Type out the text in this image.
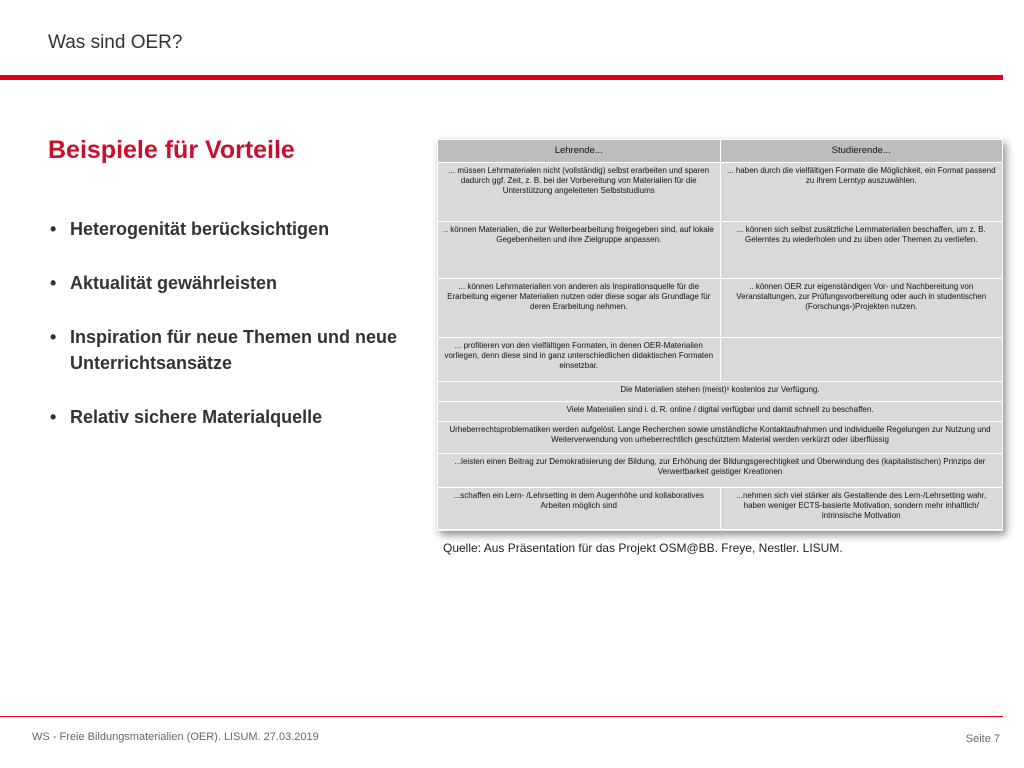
Was sind OER?
Beispiele für Vorteile
• Heterogenität berücksichtigen
• Aktualität gewährleisten
• Inspiration für neue Themen und neue Unterrichtsansätze
• Relativ sichere Materialquelle
Lehrende...	Studierende...
... müssen Lehrmaterialen nicht (vollständig) selbst erarbeiten und sparen dadurch ggf. Zeit, z. B. bei der Vorbereitung von Materialien für die Unterstützung angeleiteten Selbststudiums	... haben durch die vielfältigen Formate die Möglichkeit, ein Format passend zu ihrem Lerntyp auszuwählen.
.. können Materialien, die zur Weiterbearbeitung freigegeben sind, auf lokale Gegebenheiten und ihre Zielgruppe anpassen.	... können sich selbst zusätzliche Lernmaterialien beschaffen, um z. B. Gelerntes zu wiederholen und zu üben oder Themen zu vertiefen.
... können Lehrmaterialien von anderen als Inspirationsquelle für die Erarbeitung eigener Materialien nutzen oder diese sogar als Grundlage für deren Erarbeitung nehmen.	.. können OER zur eigenständigen Vor- und Nachbereitung von Veranstaltungen, zur Prüfungsvorbereitung oder auch in studentischen (Forschungs-)Projekten nutzen.
... profitieren von den vielfältigen Formaten, in denen OER-Materialien vorliegen, denn diese sind in ganz unterschiedlichen didaktischen Formaten einsetzbar.	
Die Materialien stehen (meist)¹ kostenlos zur Verfügung.	
Viele Materialien sind i. d. R. online / digital verfügbar und damit schnell zu beschaffen.	
Urheberrechtsproblematiken werden aufgelöst. Lange Recherchen sowie umständliche Kontaktaufnahmen und individuelle Regelungen zur Nutzung und Weiterverwendung von urheberrechtlich geschütztem Material werden verkürzt oder überflüssig	
...leisten einen Beitrag zur Demokratisierung der Bildung, zur Erhöhung der Bildungsgerechtigkeit und Überwindung des (kapitalistischen) Prinzips der Verwertbarkeit geistiger Kreationen	
...schaffen ein Lern- /Lehrsetting in dem Augenhöhe und kollaboratives Arbeiten möglich sind	...nehmen sich viel stärker als Gestaltende des Lern-/Lehrsetting wahr, haben weniger ECTS-basierte Motivation, sondern mehr inhaltlich/ intrinsische Motivation
Quelle: Aus Präsentation für das Projekt OSM@BB. Freye, Nestler. LISUM.
WS - Freie Bildungsmaterialien (OER). LISUM. 27.03.2019	Seite 7
